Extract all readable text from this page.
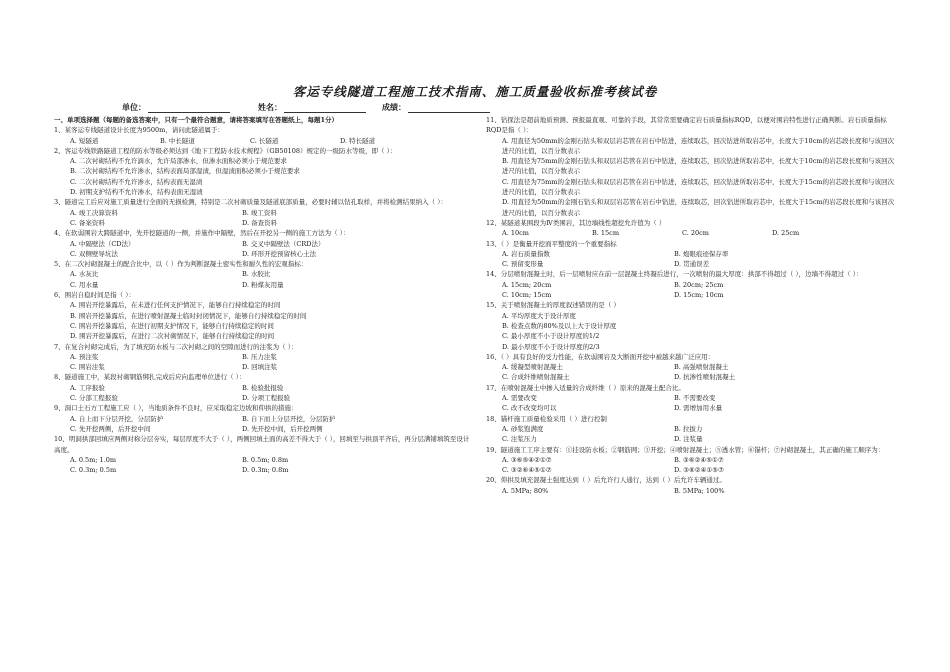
客运专线隧道工程施工技术指南、施工质量验收标准考核试卷
单位：	姓名：	成绩：
一、单项选择题（每题的备选答案中，只有一个最符合题意，请将答案填写在答题纸上，每题1分）
1、某客运专线隧道设计长度为9500m，请问此隧道属于：
A. 短隧道	B. 中长隧道	C. 长隧道	D. 特长隧道
2、客运专线铁路隧道工程的防水等级必须达到《地下工程防水技术规程》（GB50108）规定的一级防水等级，即（ ）：
A. 二次衬砌结构不允许滴水，允许局部渗水，但渗水面积必须小于规范要求
B. 二次衬砌结构不允许渗水，结构表面局部湿渍，但湿渍面积必须小于规范要求
C. 二次衬砌结构不允许渗水，结构表面无湿渍
D. 初期支护结构不允许渗水，结构表面无湿渍
3、隧道完工后应对施工质量进行全面的无损检测，特别是二次衬砌质量及隧道底部质量，必要时辅以钻孔取样，并将检测结果纳入（ ）：
A. 竣工决算资料	B. 竣工资料
C. 备案资料	D. 备查资料
4、在软弱围岩大跨隧道中，先开挖隧道的一侧，并施作中隔壁，然后在开挖另一侧的施工方法为（ ）：
A. 中隔壁法（CD法）	B. 交叉中隔壁法（CRD法）
C. 双侧壁导坑法	D. 环形开挖预留核心土法
5、在二次衬砌混凝土的配合比中，以（ ）作为判断混凝土密实性和耐久性的宏观指标：
A. 水灰比	B. 水胶比
C. 用水量	D. 粉煤灰用量
6、围岩自稳时间是指（ ）：
A. 围岩开挖暴露后，在未进行任何支护情况下，能够自行持续稳定的时间
B. 围岩开挖暴露后，在进行喷射混凝土临时封闭情况下，能够自行持续稳定的时间
C. 围岩开挖暴露后，在进行初期支护情况下，能够自行持续稳定的时间
D. 围岩开挖暴露后，在进行二次衬砌情况下，能够自行持续稳定的时间
7、在复合衬砌完成后，为了填充防水板与二次衬砌之间的空隙而进行的注浆为（ ）：
A. 预注浆	B. 压力注浆
C. 围岩注浆	D. 回填注浆
8、隧道施工中，某段衬砌钢筋绑扎完成后应向监理单位进行（ ）：
A. 工序报验	B. 检验批报验
C. 分部工程报验	D. 分项工程报验
9、洞口土石方工程施工应（ ），当地质条件不良时，应采取稳定边坡和仰拱的措施：
A. 自上而下分层开挖，分层防护	B. 自下而上分层开挖，分层防护
C. 先开挖两侧，后开挖中间	D. 先开挖中间，后开挖两侧
10、明洞拱部回填应两侧对称分层夯实，每层厚度不大于（ ），两侧回填土面的高差不得大于（ ），回填至与拱顶平齐后，再分层满铺填筑至设计高度。
A. 0.5m; 1.0m	B. 0.5m; 0.8m
C. 0.3m; 0.5m	D. 0.3m; 0.8m
11、钻探法是超前地质预测、预报最直观、可靠的手段，其常常需要确定岩石质量指标RQD，以便对围岩特性进行正确判断。岩石质量指标RQD是指（ ）：
A. 用直径为50mm的金刚石钻头和双层岩芯管在岩石中钻进，连续取芯，回次钻进所取岩芯中，长度大于10cm的岩芯段长度和与该回次进尺的比值，以百分数表示
B. 用直径为75mm的金刚石钻头和双层岩芯管在岩石中钻进，连续取芯，回次钻进所取岩芯中，长度大于10cm的岩芯段长度和与该回次进尺的比值，以百分数表示
C. 用直径为75mm的金刚石钻头和双层岩芯管在岩石中钻进，连续取芯，回次钻进所取岩芯中，长度大于15cm的岩芯段长度和与该回次进尺的比值，以百分数表示
D. 用直径为50mm的金刚石钻头和双层岩芯管在岩石中钻进，连续取芯，回次钻进所取岩芯中，长度大于15cm的岩芯段长度和与该回次进尺的比值，以百分数表示
12、某隧道某围段为Ⅳ类围岩，其边墙线性超挖允许值为（ ）
A. 10cm	B. 15cm	C. 20cm	D. 25cm
13、（ ）是衡量开挖面平整度的一个重要指标
A. 岩石质量指数	B. 炮眼痕迹保存率
C. 预留变形量	D. 贯通误差
14、分层喷射混凝土时，后一层喷射应在前一层混凝土终凝后进行，一次喷射的最大厚度：拱部不得超过（ ），边墙不得超过（ ）：
A. 15cm; 20cm	B. 20cm; 25cm
C. 10cm; 15cm	D. 15cm; 10cm
15、关于喷射混凝土的厚度叙述错误的是（ ）
A. 平均厚度大于设计厚度
B. 检查点数的80%及以上大于设计厚度
C. 最小厚度不小于设计厚度的1/2
D. 最小厚度不小于设计厚度的2/3
16、（ ）具有良好的受力性能，在软弱围岩及大断面开挖中被越来越广泛应用：
A. 缓凝型喷射混凝土	B. 高强喷射混凝土
C. 合成纤维喷射混凝土	D. 抗渗性喷射混凝土
17、在喷射混凝土中掺入适量的合成纤维（ ）原来的混凝土配合比。
A. 需要改变	B. 不需要改变
C. 改不改变均可以	D. 需增加用水量
18、锚杆施工质量检验采用（ ）进行控制
A. 砂浆饱满度	B. 拉拔力
C. 注浆压力	D. 注浆量
19、隧道施工工序主要有：①挂设防水板；②钢筋网；③开挖；④喷射混凝土；⑤透水管；⑥锚杆；⑦衬砌混凝土，其正确的施工顺序为：
A. ③⑥⑤④②①⑦	B. ③⑥②④⑤①⑦
C. ③②⑥④⑤①⑦	D. ③⑥②④①⑤⑦
20、仰拱及填充混凝土强度达到（ ）后允许行人通行，达到（ ）后允许车辆通过。
A. 5MPa; 80%	B. 5MPa; 100%
